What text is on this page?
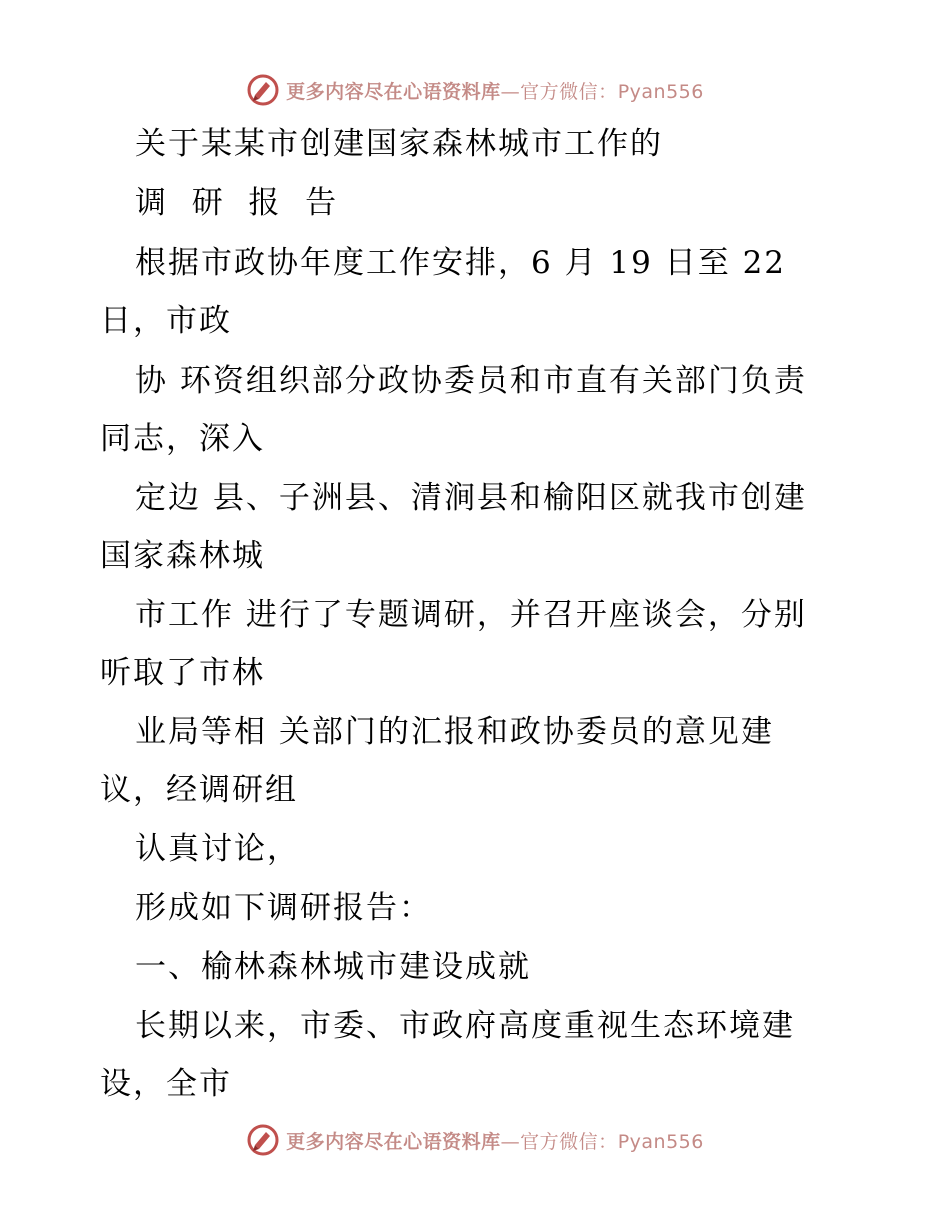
更多内容尽在心语资料库—官方微信：Pyan556
关于某某市创建国家森林城市工作的
调  研  报  告
根据市政协年度工作安排，6 月 19 日至 22
日，市政
协 环资组织部分政协委员和市直有关部门负责
同志，深入
定边 县、子洲县、清涧县和榆阳区就我市创建
国家森林城
市工作 进行了专题调研，并召开座谈会，分别
听取了市林
业局等相 关部门的汇报和政协委员的意见建
议，经调研组
认真讨论，
形成如下调研报告：
一、榆林森林城市建设成就
长期以来，市委、市政府高度重视生态环境建
设，全市
更多内容尽在心语资料库—官方微信：Pyan556
